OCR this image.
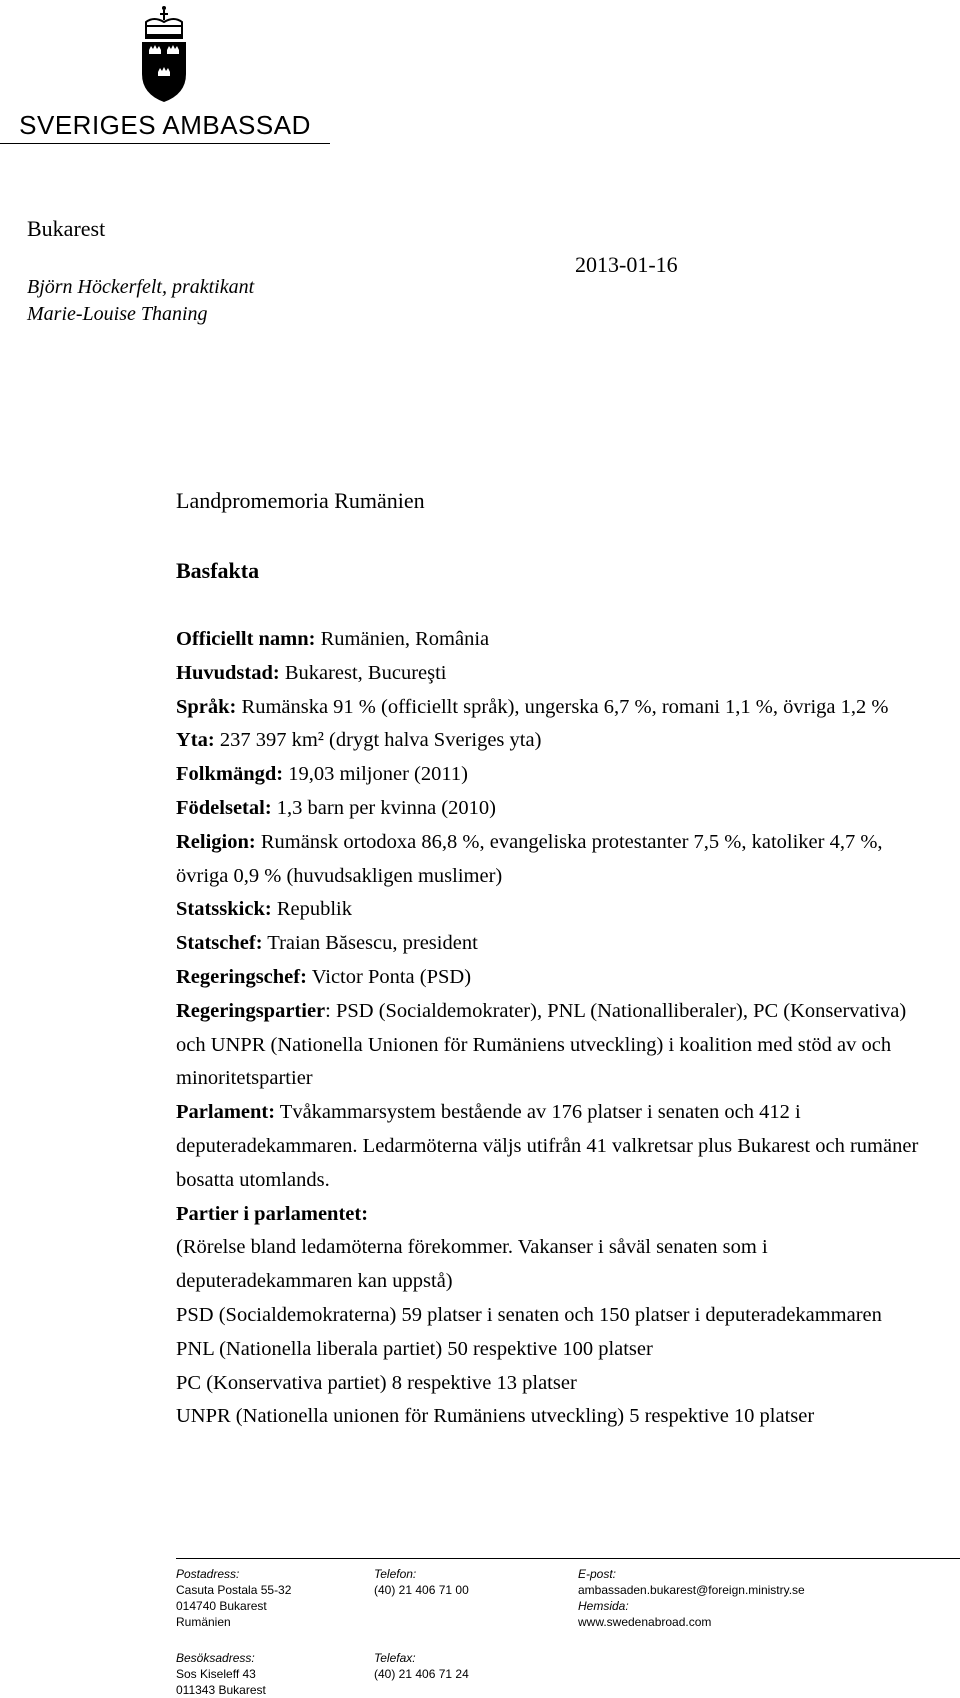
SVERIGES AMBASSAD
Bukarest
Björn Höckerfelt, praktikant
Marie-Louise Thaning
2013-01-16
Landpromemoria Rumänien
Basfakta

Officiellt namn: Rumänien, România

Huvudstad: Bukarest, Bucureşti

Språk: Rumänska 91 % (officiellt språk), ungerska 6,7 %, romani 1,1 %, övriga 1,2 %

Yta: 237 397 km² (drygt halva Sveriges yta)

Folkmängd: 19,03 miljoner (2011)

Födelsetal: 1,3 barn per kvinna (2010)

Religion: Rumänsk ortodoxa 86,8 %, evangeliska protestanter 7,5 %, katoliker 4,7 %, övriga 0,9 % (huvudsakligen muslimer)

Statsskick: Republik

Statschef: Traian Băsescu, president

Regeringschef: Victor Ponta (PSD)

Regeringspartier: PSD (Socialdemokrater), PNL (Nationalliberaler), PC (Konservativa) och UNPR (Nationella Unionen för Rumäniens utveckling) i koalition med stöd av och minoritetspartier

Parlament: Tvåkammarsystem bestående av 176 platser i senaten och 412 i deputeradekammaren. Ledarmöterna väljs utifrån 41 valkretsar plus Bukarest och rumäner bosatta utomlands.

Partier i parlamentet:

(Rörelse bland ledamöterna förekommer. Vakanser i såväl senaten som i deputeradekammaren kan uppstå)

PSD (Socialdemokraterna) 59 platser i senaten och 150 platser i deputeradekammaren

PNL (Nationella liberala partiet) 50 respektive 100 platser

PC (Konservativa partiet) 8 respektive 13 platser

UNPR (Nationella unionen för Rumäniens utveckling) 5 respektive 10 platser

Postadress:
Casuta Postala 55-32
014740 Bukarest
Rumänien
Besöksadress:
Sos Kiseleff 43
011343 Bukarest
Telefon:
(40) 21 406 71 00

Telefax:
(40) 21 406 71 24
E-post:
ambassaden.bukarest@foreign.ministry.se
Hemsida:
www.swedenabroad.com
